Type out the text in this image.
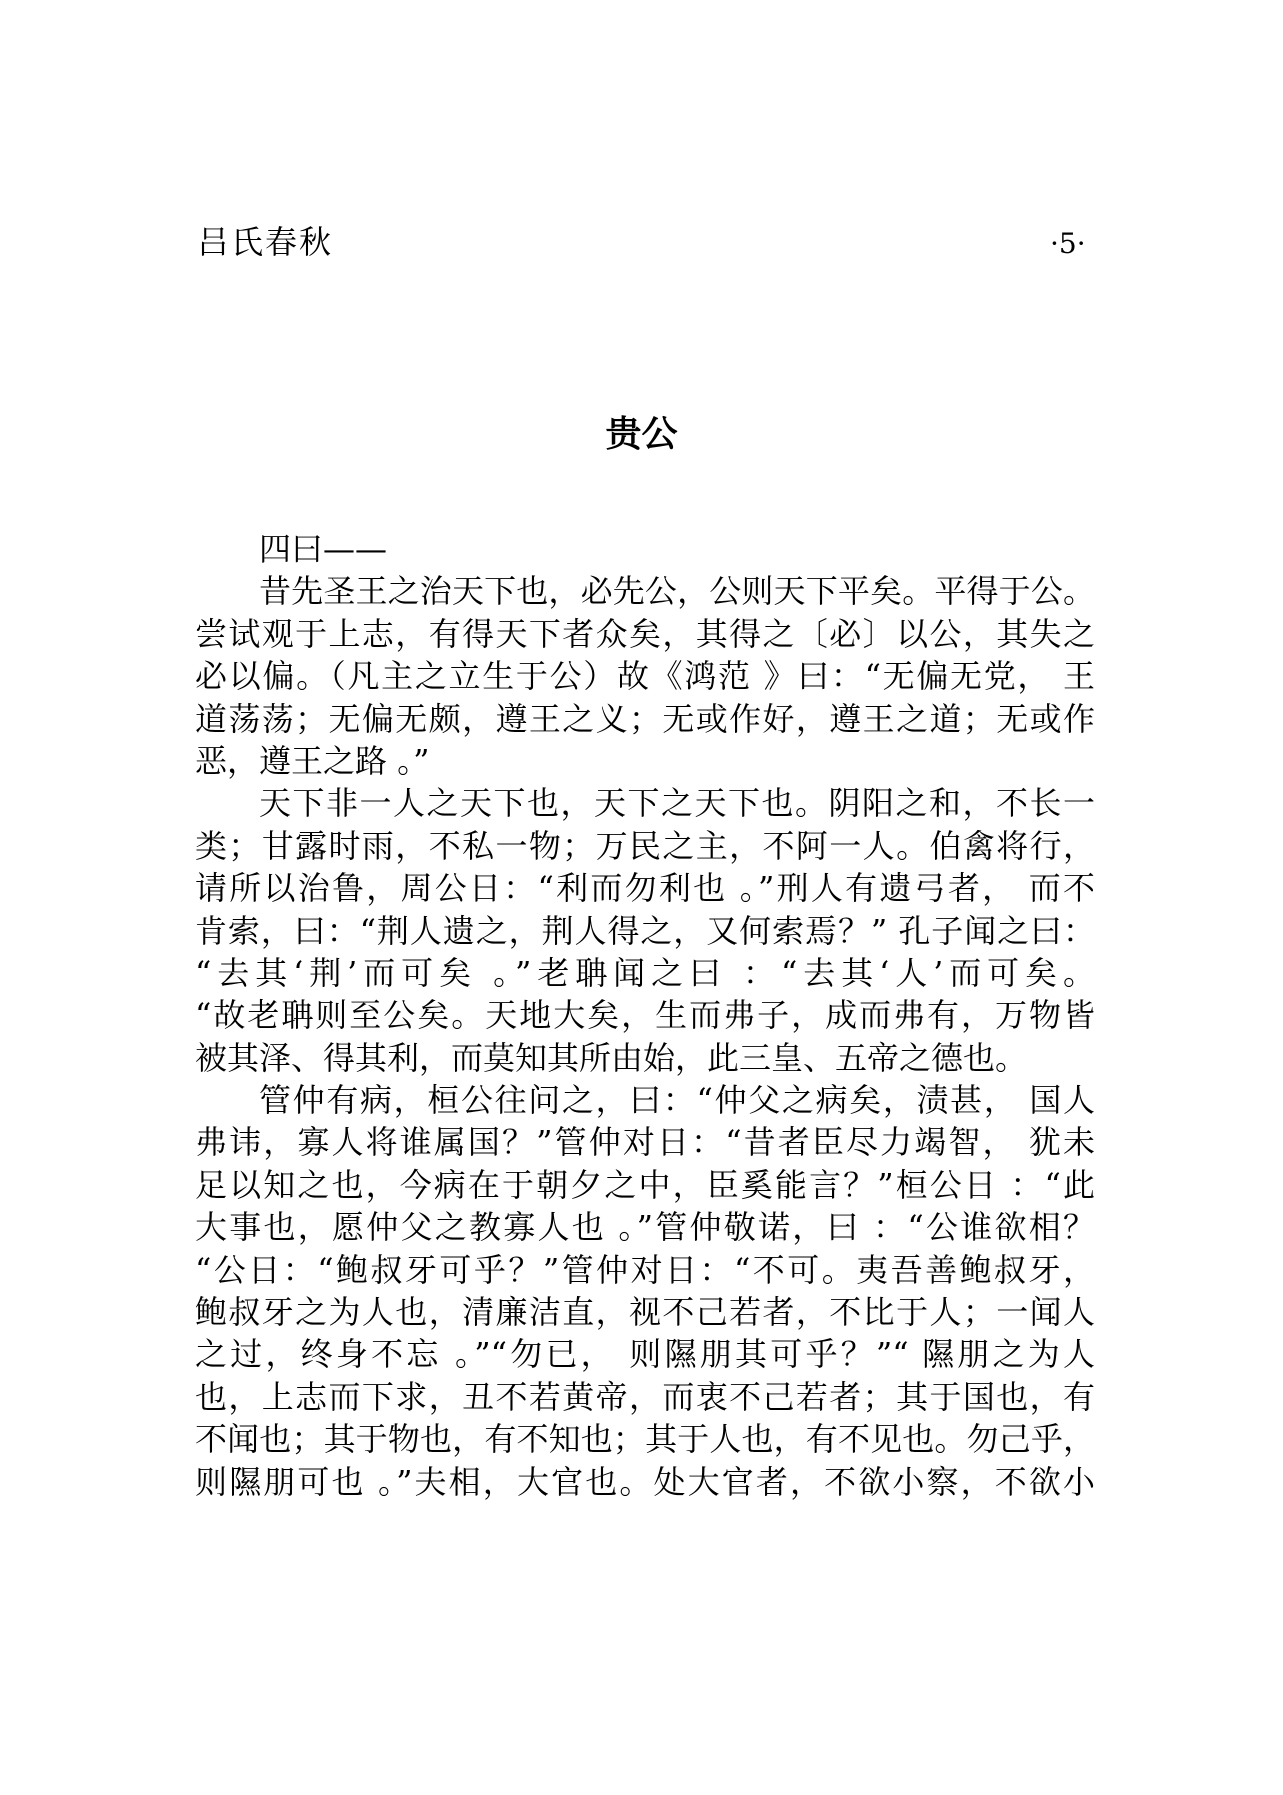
吕氏春秋	·5·
贵公
四曰——
昔先圣王之治天下也，必先公，公则天下平矣。平得于公。
尝试观于上志，有得天下者众矣，其得之〔必〕以公，其失之
必以偏。（凡主之立生于公）故《鸿范 》曰：“无偏无党， 王
道荡荡；无偏无颇，遵王之义；无或作好，遵王之道；无或作
恶，遵王之路 。”
天下非一人之天下也，天下之天下也。阴阳之和，不长一
类；甘露时雨，不私一物；万民之主，不阿一人。伯禽将行，
请所以治鲁，周公日：“利而勿利也 。”刑人有遗弓者， 而不
肯索，曰：“荆人遗之，荆人得之，又何索焉？” 孔子闻之曰：
“去其‘荆’而可矣 。”老聃闻之曰 ：“去其‘人’而可矣。
“故老聃则至公矣。天地大矣，生而弗子，成而弗有，万物皆
被其泽、得其利，而莫知其所由始，此三皇、五帝之德也。
管仲有病，桓公往问之，曰：“仲父之病矣，渍甚， 国人
弗讳，寡人将谁属国？”管仲对日：“昔者臣尽力竭智， 犹未
足以知之也，今病在于朝夕之中，臣奚能言？”桓公日 ：“此
大事也，愿仲父之教寡人也 。”管仲敬诺，曰 ：“公谁欲相？
“公日：“鲍叔牙可乎？”管仲对日：“不可。夷吾善鲍叔牙，
鲍叔牙之为人也，清廉洁直，视不己若者，不比于人；一闻人
之过，终身不忘 。”“勿已， 则隰朋其可乎？”“ 隰朋之为人
也，上志而下求，丑不若黄帝，而衷不己若者；其于国也，有
不闻也；其于物也，有不知也；其于人也，有不见也。勿己乎，
则隰朋可也 。”夫相，大官也。处大官者，不欲小察，不欲小
